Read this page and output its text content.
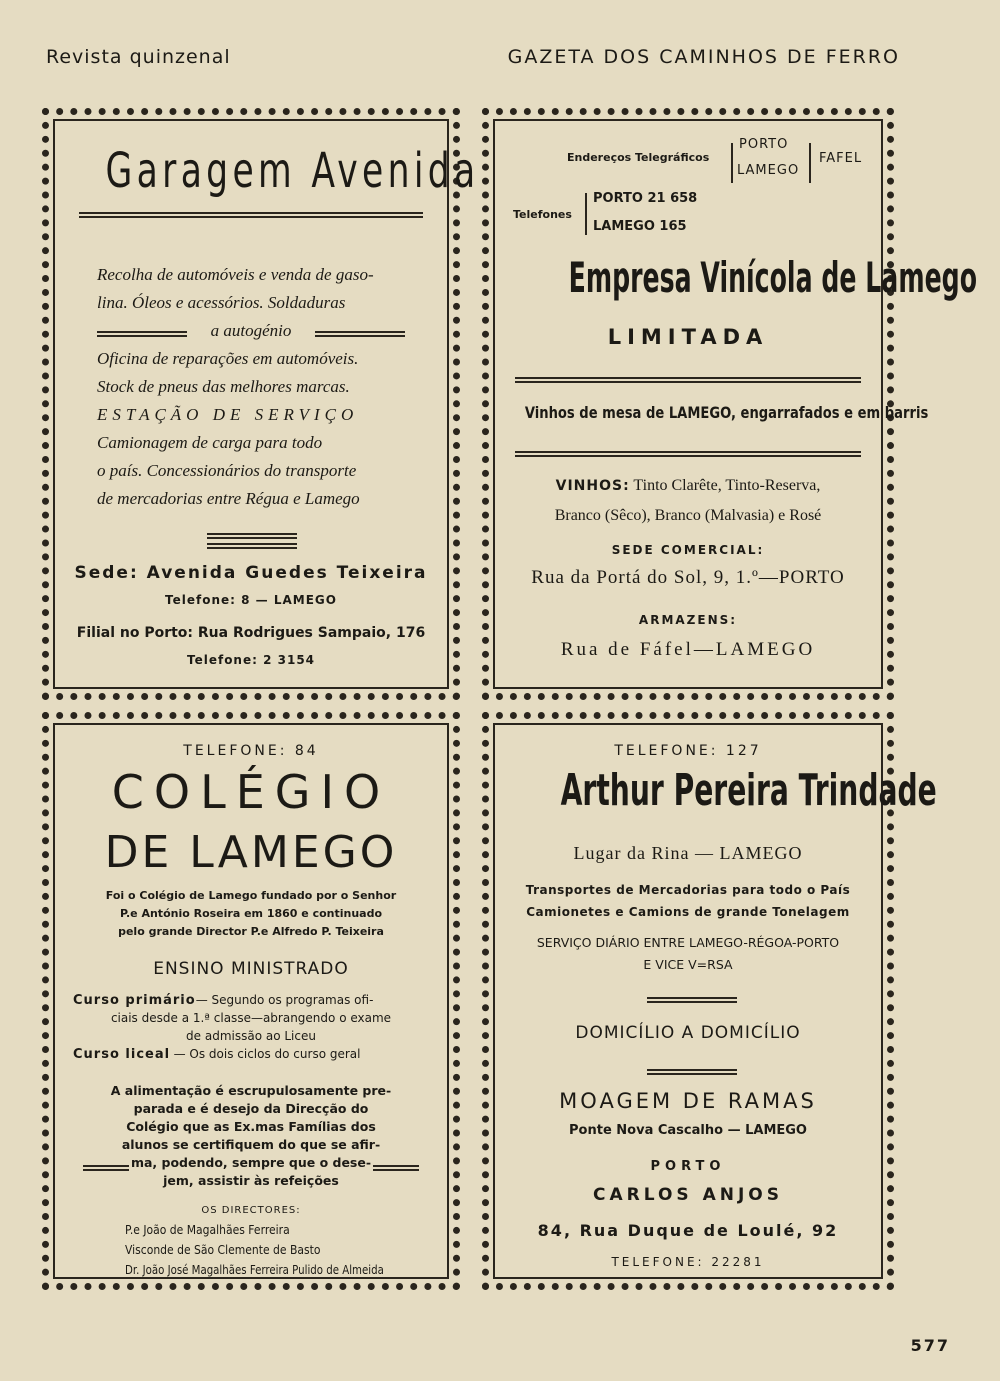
Revista quinzenal	GAZETA DOS CAMINHOS DE FERRO
Garagem Avenida
Recolha de automóveis e venda de gaso-
lina. Óleos e acessórios. Soldaduras
a autogénio
Oficina de reparações em automóveis.
Stock de pneus das melhores marcas.
ESTAÇÃO DE SERVIÇO
Camionagem de carga para todo
o país. Concessionários do transporte
de mercadorias entre Régua e Lamego
Sede: Avenida Guedes Teixeira
Telefone: 8 — LAMEGO
Filial no Porto: Rua Rodrigues Sampaio, 176
Telefone: 2 3154
Endereços Telegráficos
PORTO
LAMEGO
FAFEL
Telefones
PORTO 21 658
LAMEGO 165
Empresa Vinícola de Lamego
LIMITADA
Vinhos de mesa de LAMEGO, engarrafados e em barris
VINHOS: Tinto Clarête, Tinto-Reserva,
Branco (Sêco), Branco (Malvasia) e Rosé
SEDE COMERCIAL:
Rua da Portá do Sol, 9, 1.º—PORTO
ARMAZENS:
Rua de Fáfel—LAMEGO
TELEFONE: 84
COLÉGIO
DE LAMEGO
Foi o Colégio de Lamego fundado por o Senhor
P.e António Roseira em 1860 e continuado
pelo grande Director P.e Alfredo P. Teixeira
ENSINO MINISTRADO
Curso primário— Segundo os programas ofi-
ciais desde a 1.ª classe—abrangendo o exame
de admissão ao Liceu
Curso liceal — Os dois ciclos do curso geral
A alimentação é escrupulosamente pre-
parada e é desejo da Direcção do
Colégio que as Ex.mas Famílias dos
alunos se certifiquem do que se afir-
ma, podendo, sempre que o dese-
jem, assistir às refeições
OS DIRECTORES:
P.e João de Magalhães Ferreira
Visconde de São Clemente de Basto
Dr. João José Magalhães Ferreira Pulido de Almeida
TELEFONE: 127
Arthur Pereira Trindade
Lugar da Rina — LAMEGO
Transportes de Mercadorias para todo o País
Camionetes e Camions de grande Tonelagem
SERVIÇO DIÁRIO ENTRE LAMEGO-RÉGOA-PORTO
E VICE V=RSA
DOMICÍLIO A DOMICÍLIO
MOAGEM DE RAMAS
Ponte Nova Cascalho — LAMEGO
PORTO
CARLOS ANJOS
84, Rua Duque de Loulé, 92
TELEFONE: 22281
577
